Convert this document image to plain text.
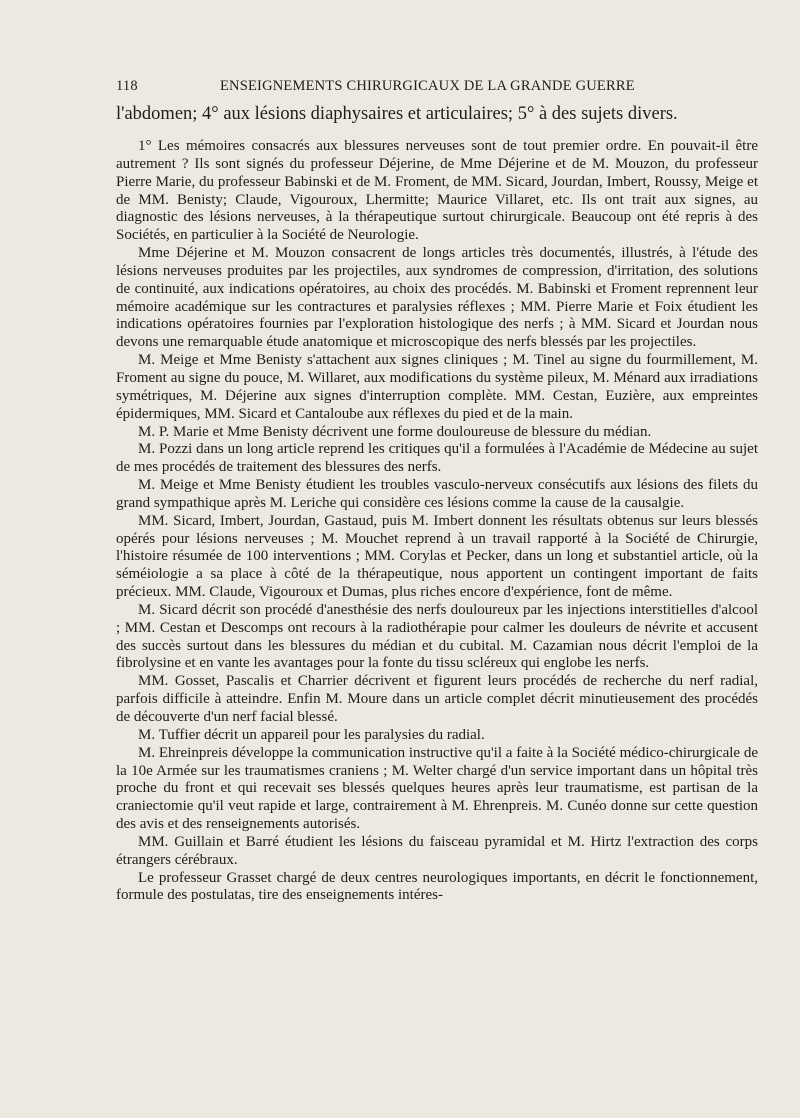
118	ENSEIGNEMENTS CHIRURGICAUX DE LA GRANDE GUERRE

l'abdomen; 4° aux lésions diaphysaires et articulaires; 5° à des sujets divers.

1° Les mémoires consacrés aux blessures nerveuses sont de tout premier ordre. En pouvait-il être autrement ? Ils sont signés du professeur Déjerine, de Mme Déjerine et de M. Mouzon, du professeur Pierre Marie, du professeur Babinski et de M. Froment, de MM. Sicard, Jourdan, Imbert, Roussy, Meige et de MM. Benisty; Claude, Vigouroux, Lhermitte; Maurice Villaret, etc. Ils ont trait aux signes, au diagnostic des lésions nerveuses, à la thérapeutique surtout chirurgicale. Beaucoup ont été repris à des Sociétés, en particulier à la Société de Neurologie.

Mme Déjerine et M. Mouzon consacrent de longs articles très documentés, illustrés, à l'étude des lésions nerveuses produites par les projectiles, aux syndromes de compression, d'irritation, des solutions de continuité, aux indications opératoires, au choix des procédés. M. Babinski et Froment reprennent leur mémoire académique sur les contractures et paralysies réflexes ; MM. Pierre Marie et Foix étudient les indications opératoires fournies par l'exploration histologique des nerfs ; à MM. Sicard et Jourdan nous devons une remarquable étude anatomique et microscopique des nerfs blessés par les projectiles.

M. Meige et Mme Benisty s'attachent aux signes cliniques ; M. Tinel au signe du fourmillement, M. Froment au signe du pouce, M. Willaret, aux modifications du système pileux, M. Ménard aux irradiations symétriques, M. Déjerine aux signes d'interruption complète. MM. Cestan, Euzière, aux empreintes épidermiques, MM. Sicard et Cantaloube aux réflexes du pied et de la main.

M. P. Marie et Mme Benisty décrivent une forme douloureuse de blessure du médian.

M. Pozzi dans un long article reprend les critiques qu'il a formulées à l'Académie de Médecine au sujet de mes procédés de traitement des blessures des nerfs.

M. Meige et Mme Benisty étudient les troubles vasculo-nerveux consécutifs aux lésions des filets du grand sympathique après M. Leriche qui considère ces lésions comme la cause de la causalgie.

MM. Sicard, Imbert, Jourdan, Gastaud, puis M. Imbert donnent les résultats obtenus sur leurs blessés opérés pour lésions nerveuses ; M. Mouchet reprend à un travail rapporté à la Société de Chirurgie, l'histoire résumée de 100 interventions ; MM. Corylas et Pecker, dans un long et substantiel article, où la séméiologie a sa place à côté de la thérapeutique, nous apportent un contingent important de faits précieux. MM. Claude, Vigouroux et Dumas, plus riches encore d'expérience, font de même.

M. Sicard décrit son procédé d'anesthésie des nerfs douloureux par les injections interstitielles d'alcool ; MM. Cestan et Descomps ont recours à la radiothérapie pour calmer les douleurs de névrite et accusent des succès surtout dans les blessures du médian et du cubital. M. Cazamian nous décrit l'emploi de la fibrolysine et en vante les avantages pour la fonte du tissu scléreux qui englobe les nerfs.

MM. Gosset, Pascalis et Charrier décrivent et figurent leurs procédés de recherche du nerf radial, parfois difficile à atteindre. Enfin M. Moure dans un article complet décrit minutieusement des procédés de découverte d'un nerf facial blessé.

M. Tuffier décrit un appareil pour les paralysies du radial.

M. Ehreinpreis développe la communication instructive qu'il a faite à la Société médico-chirurgicale de la 10e Armée sur les traumatismes craniens ; M. Welter chargé d'un service important dans un hôpital très proche du front et qui recevait ses blessés quelques heures après leur traumatisme, est partisan de la craniectomie qu'il veut rapide et large, contrairement à M. Ehrenpreis. M. Cunéo donne sur cette question des avis et des renseignements autorisés.

MM. Guillain et Barré étudient les lésions du faisceau pyramidal et M. Hirtz l'extraction des corps étrangers cérébraux.

Le professeur Grasset chargé de deux centres neurologiques importants, en décrit le fonctionnement, formule des postulatas, tire des enseignements intéres-
